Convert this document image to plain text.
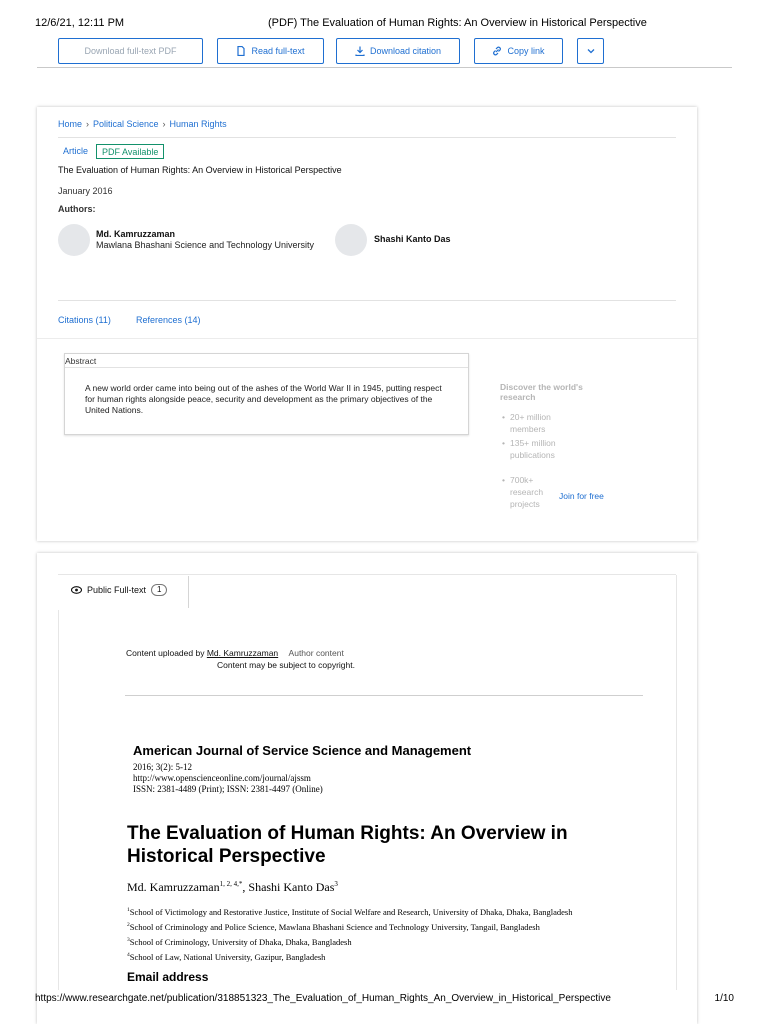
12/6/21, 12:11 PM	(PDF) The Evaluation of Human Rights: An Overview in Historical Perspective
Download full-text PDF	Read full-text	Download citation	Copy link
Home › Political Science › Human Rights
Article	PDF Available
The Evaluation of Human Rights: An Overview in Historical Perspective
January 2016
Authors:
Md. Kamruzzaman
Mawlana Bhashani Science and Technology University
Shashi Kanto Das
Citations (11)	References (14)
Abstract
A new world order came into being out of the ashes of the World War II in 1945, putting respect for human rights alongside peace, security and development as the primary objectives of the United Nations.
Discover the world's research
• 20+ million members
• 135+ million publications
• 700k+ research projects
Join for free
Public Full-text	1
Content uploaded by Md. Kamruzzaman Author content
Content may be subject to copyright.
American Journal of Service Science and Management
2016; 3(2): 5-12
http://www.openscienceonline.com/journal/ajssm
ISSN: 2381-4489 (Print); ISSN: 2381-4497 (Online)
The Evaluation of Human Rights: An Overview in
Historical Perspective
Md. Kamruzzaman$^{1, 2, 4,*}$, Shashi Kanto Das$^3$
$^1$School of Victimology and Restorative Justice, Institute of Social Welfare and Research, University of Dhaka, Dhaka, Bangladesh
$^2$School of Criminology and Police Science, Mawlana Bhashani Science and Technology University, Tangail, Bangladesh
$^3$School of Criminology, University of Dhaka, Dhaka, Bangladesh
$^4$School of Law, National University, Gazipur, Bangladesh
Email address
https://www.researchgate.net/publication/318851323_The_Evaluation_of_Human_Rights_An_Overview_in_Historical_Perspective	1/10
